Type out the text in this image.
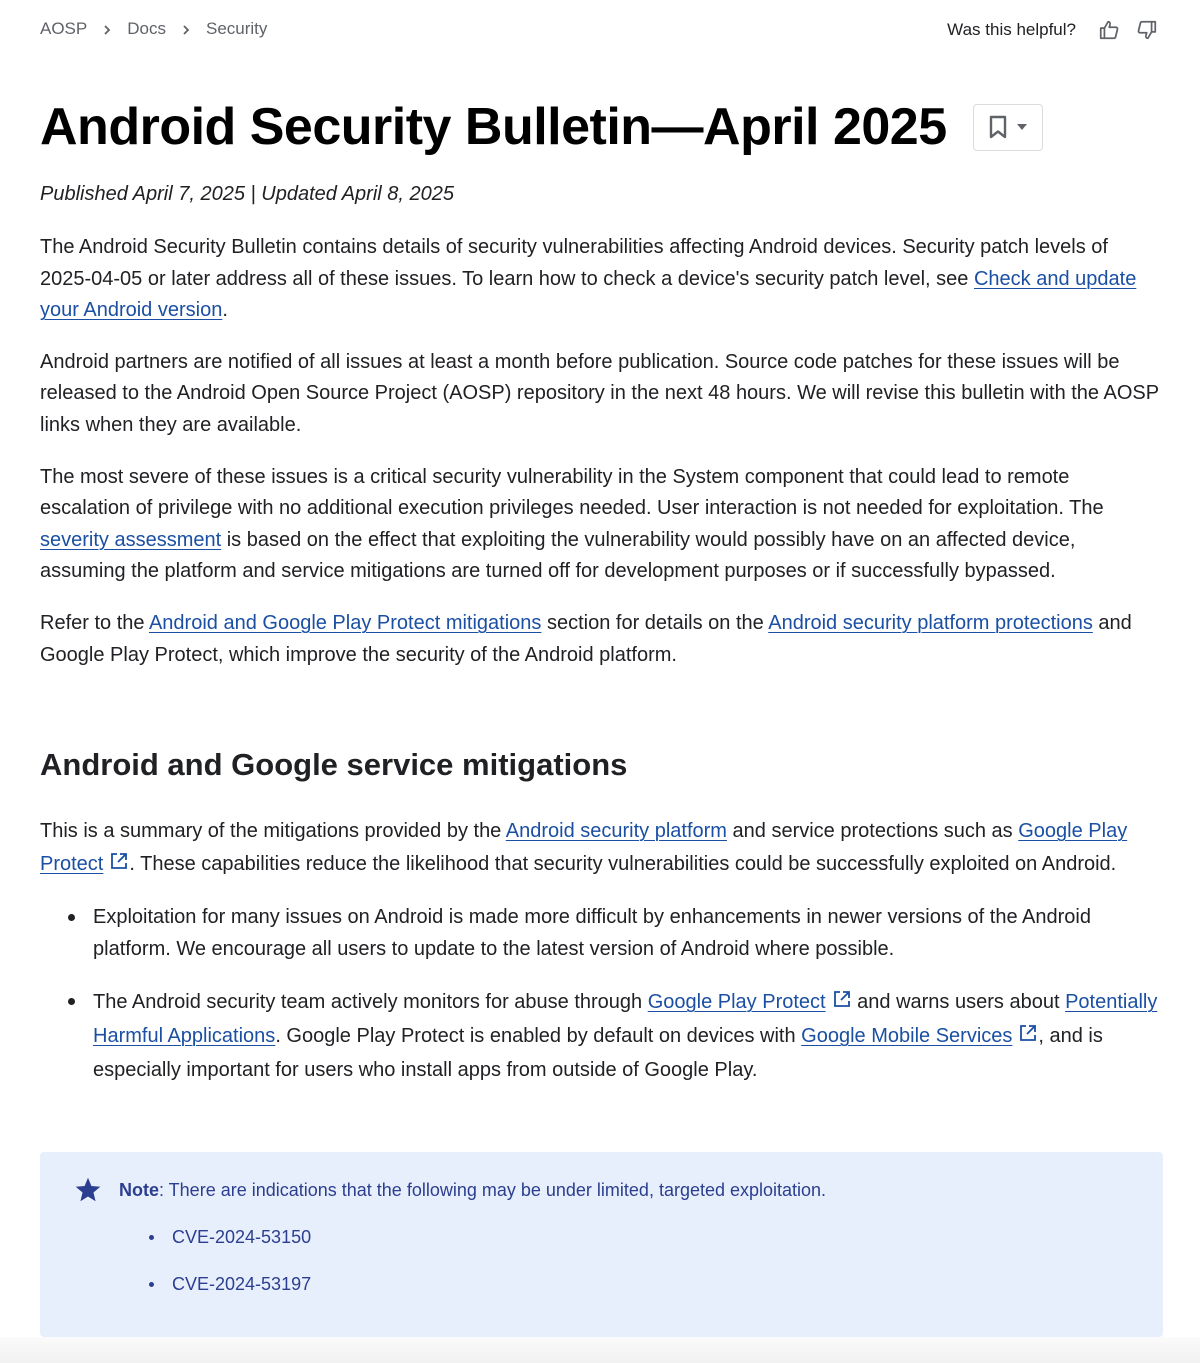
AOSP Docs Security	Was this helpful?
Android Security Bulletin—April 2025
Published April 7, 2025 | Updated April 8, 2025

The Android Security Bulletin contains details of security vulnerabilities affecting Android devices. Security patch levels of 2025-04-05 or later address all of these issues. To learn how to check a device's security patch level, see Check and update your Android version.

Android partners are notified of all issues at least a month before publication. Source code patches for these issues will be released to the Android Open Source Project (AOSP) repository in the next 48 hours. We will revise this bulletin with the AOSP links when they are available.

The most severe of these issues is a critical security vulnerability in the System component that could lead to remote escalation of privilege with no additional execution privileges needed. User interaction is not needed for exploitation. The severity assessment is based on the effect that exploiting the vulnerability would possibly have on an affected device, assuming the platform and service mitigations are turned off for development purposes or if successfully bypassed.

Refer to the Android and Google Play Protect mitigations section for details on the Android security platform protections and Google Play Protect, which improve the security of the Android platform.

Android and Google service mitigations

This is a summary of the mitigations provided by the Android security platform and service protections such as Google Play Protect . These capabilities reduce the likelihood that security vulnerabilities could be successfully exploited on Android.

Exploitation for many issues on Android is made more difficult by enhancements in newer versions of the Android platform. We encourage all users to update to the latest version of Android where possible.
The Android security team actively monitors for abuse through Google Play Protect and warns users about Potentially Harmful Applications. Google Play Protect is enabled by default on devices with Google Mobile Services , and is especially important for users who install apps from outside of Google Play.
Note: There are indications that the following may be under limited, targeted exploitation.
CVE-2024-53150
CVE-2024-53197
